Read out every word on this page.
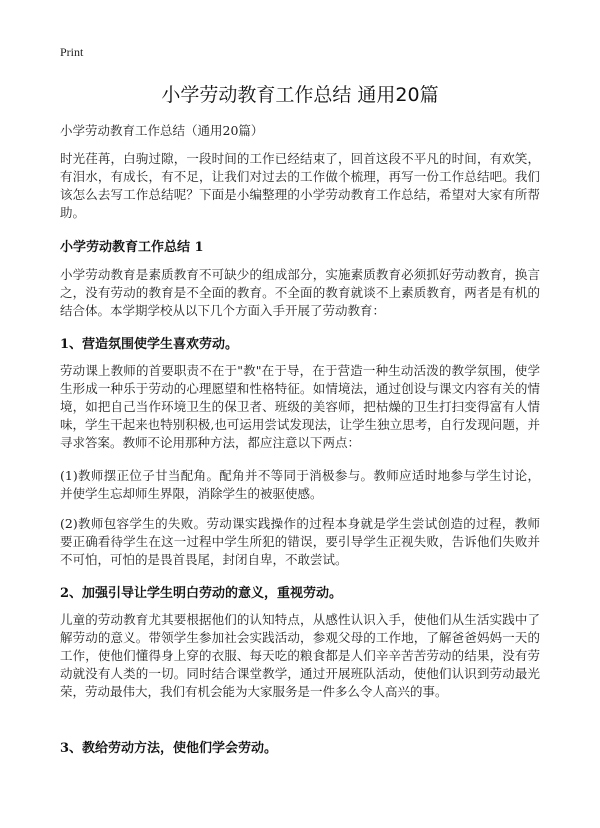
Print
小学劳动教育工作总结 通用20篇
小学劳动教育工作总结（通用20篇）

时光荏苒，白驹过隙，一段时间的工作已经结束了，回首这段不平凡的时间，有欢笑，有泪水，有成长，有不足，让我们对过去的工作做个梳理，再写一份工作总结吧。我们该怎么去写工作总结呢？下面是小编整理的小学劳动教育工作总结，希望对大家有所帮助。

小学劳动教育工作总结 1

小学劳动教育是素质教育不可缺少的组成部分，实施素质教育必须抓好劳动教育，换言之，没有劳动的教育是不全面的教育。不全面的教育就谈不上素质教育，两者是有机的结合体。本学期学校从以下几个方面入手开展了劳动教育：

1、营造氛围使学生喜欢劳动。

劳动课上教师的首要职责不在于"教"在于导，在于营造一种生动活泼的教学氛围，使学生形成一种乐于劳动的心理愿望和性格特征。如情境法，通过创设与课文内容有关的情境，如把自己当作环境卫生的保卫者、班级的美容师，把枯燥的卫生打扫变得富有人情味，学生干起来也特别积极,也可运用尝试发现法，让学生独立思考，自行发现问题，并寻求答案。教师不论用那种方法，都应注意以下两点：

(1)教师摆正位子甘当配角。配角并不等同于消极参与。教师应适时地参与学生讨论，并使学生忘却师生界限，消除学生的被驱使感。

(2)教师包容学生的失败。劳动课实践操作的过程本身就是学生尝试创造的过程，教师要正确看待学生在这一过程中学生所犯的错误，要引导学生正视失败，告诉他们失败并不可怕，可怕的是畏首畏尾，封闭自卑，不敢尝试。

2、加强引导让学生明白劳动的意义，重视劳动。

儿童的劳动教育尤其要根据他们的认知特点，从感性认识入手，使他们从生活实践中了解劳动的意义。带领学生参加社会实践活动，参观父母的工作地，了解爸爸妈妈一天的工作，使他们懂得身上穿的衣服、每天吃的粮食都是人们辛辛苦苦劳动的结果，没有劳动就没有人类的一切。同时结合课堂教学，通过开展班队活动，使他们认识到劳动最光荣，劳动最伟大，我们有机会能为大家服务是一件多么令人高兴的事。

3、教给劳动方法，使他们学会劳动。
